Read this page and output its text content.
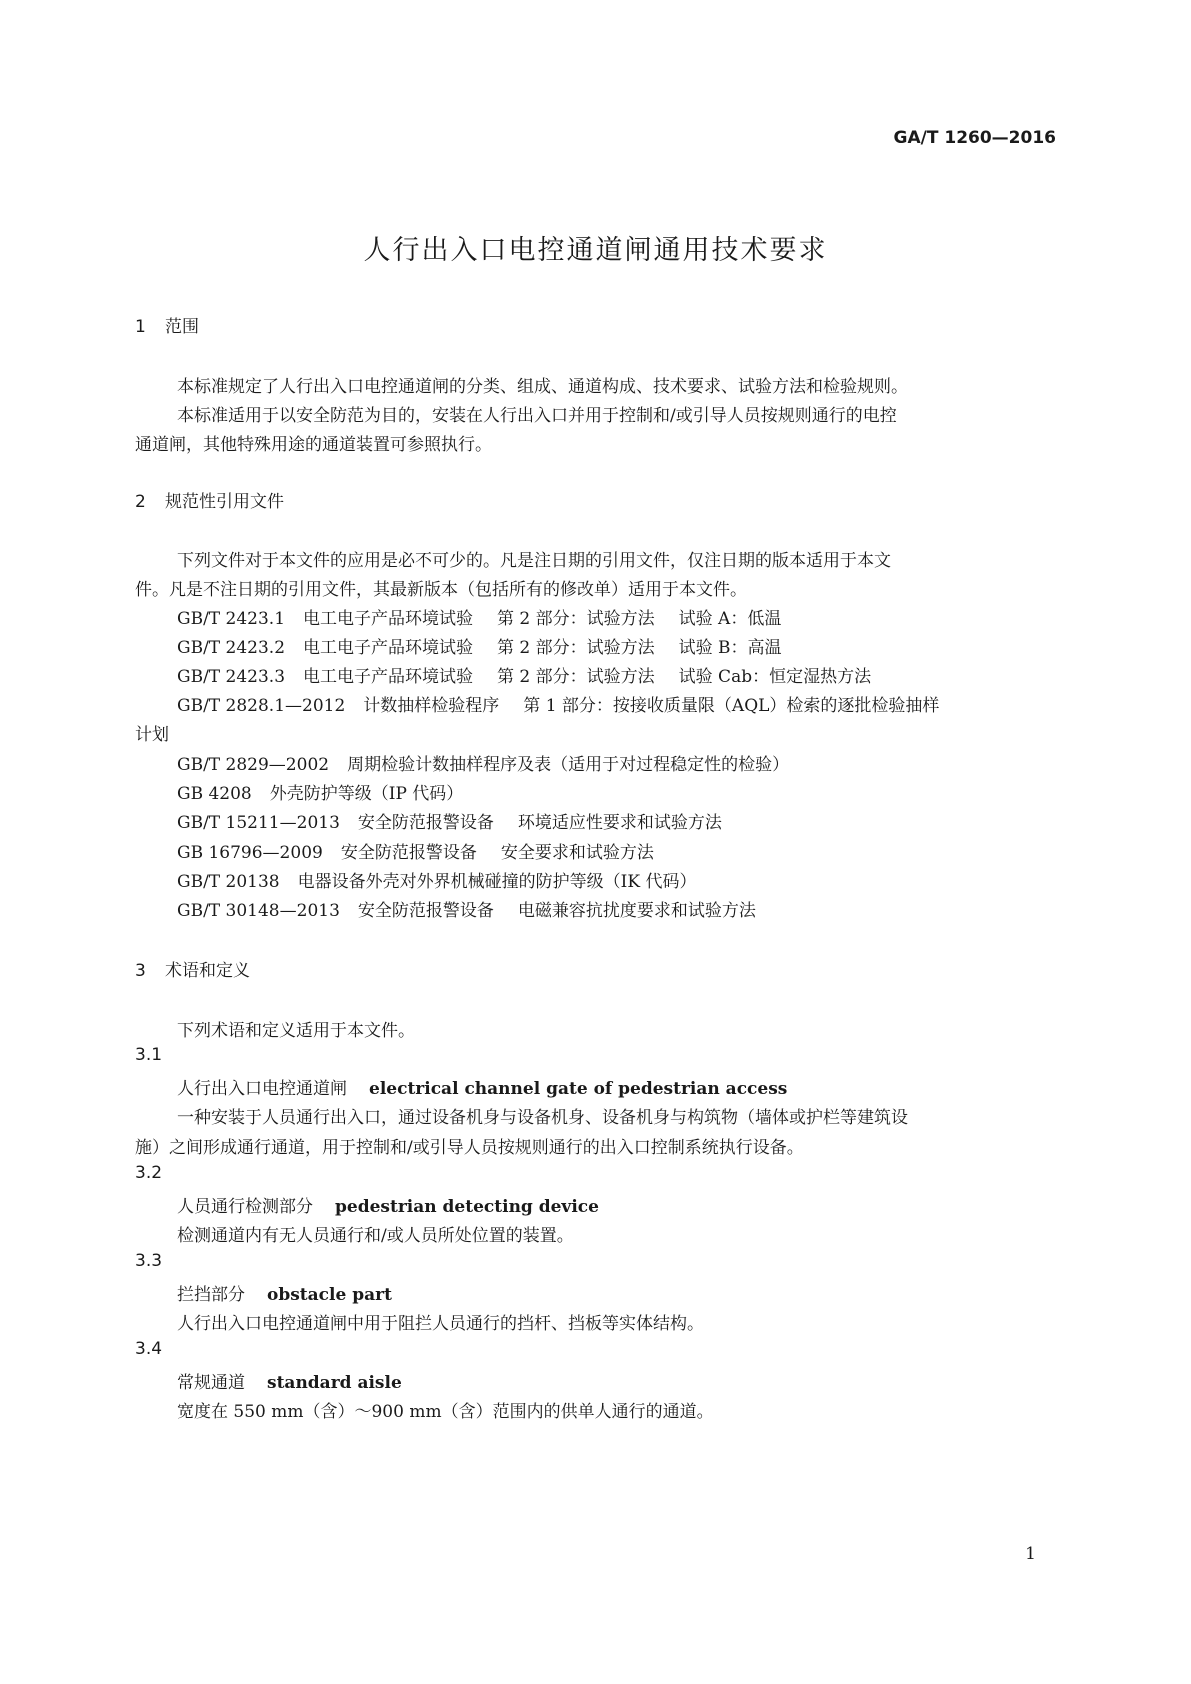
GA/T 1260—2016
人行出入口电控通道闸通用技术要求
1 范围
本标准规定了人行出入口电控通道闸的分类、组成、通道构成、技术要求、试验方法和检验规则。
本标准适用于以安全防范为目的，安装在人行出入口并用于控制和/或引导人员按规则通行的电控
通道闸，其他特殊用途的通道装置可参照执行。
2 规范性引用文件
下列文件对于本文件的应用是必不可少的。凡是注日期的引用文件，仅注日期的版本适用于本文
件。凡是不注日期的引用文件，其最新版本（包括所有的修改单）适用于本文件。
GB/T 2423.1 电工电子产品环境试验 第 2 部分：试验方法 试验 A：低温
GB/T 2423.2 电工电子产品环境试验 第 2 部分：试验方法 试验 B：高温
GB/T 2423.3 电工电子产品环境试验 第 2 部分：试验方法 试验 Cab：恒定湿热方法
GB/T 2828.1—2012 计数抽样检验程序 第 1 部分：按接收质量限（AQL）检索的逐批检验抽样
计划
GB/T 2829—2002 周期检验计数抽样程序及表（适用于对过程稳定性的检验）
GB 4208 外壳防护等级（IP 代码）
GB/T 15211—2013 安全防范报警设备 环境适应性要求和试验方法
GB 16796—2009 安全防范报警设备 安全要求和试验方法
GB/T 20138 电器设备外壳对外界机械碰撞的防护等级（IK 代码）
GB/T 30148—2013 安全防范报警设备 电磁兼容抗扰度要求和试验方法
3 术语和定义
下列术语和定义适用于本文件。
3.1
人行出入口电控通道闸 electrical channel gate of pedestrian access
一种安装于人员通行出入口，通过设备机身与设备机身、设备机身与构筑物（墙体或护栏等建筑设
施）之间形成通行通道，用于控制和/或引导人员按规则通行的出入口控制系统执行设备。
3.2
人员通行检测部分 pedestrian detecting device
检测通道内有无人员通行和/或人员所处位置的装置。
3.3
拦挡部分 obstacle part
人行出入口电控通道闸中用于阻拦人员通行的挡杆、挡板等实体结构。
3.4
常规通道 standard aisle
宽度在 550 mm（含）～900 mm（含）范围内的供单人通行的通道。
1
